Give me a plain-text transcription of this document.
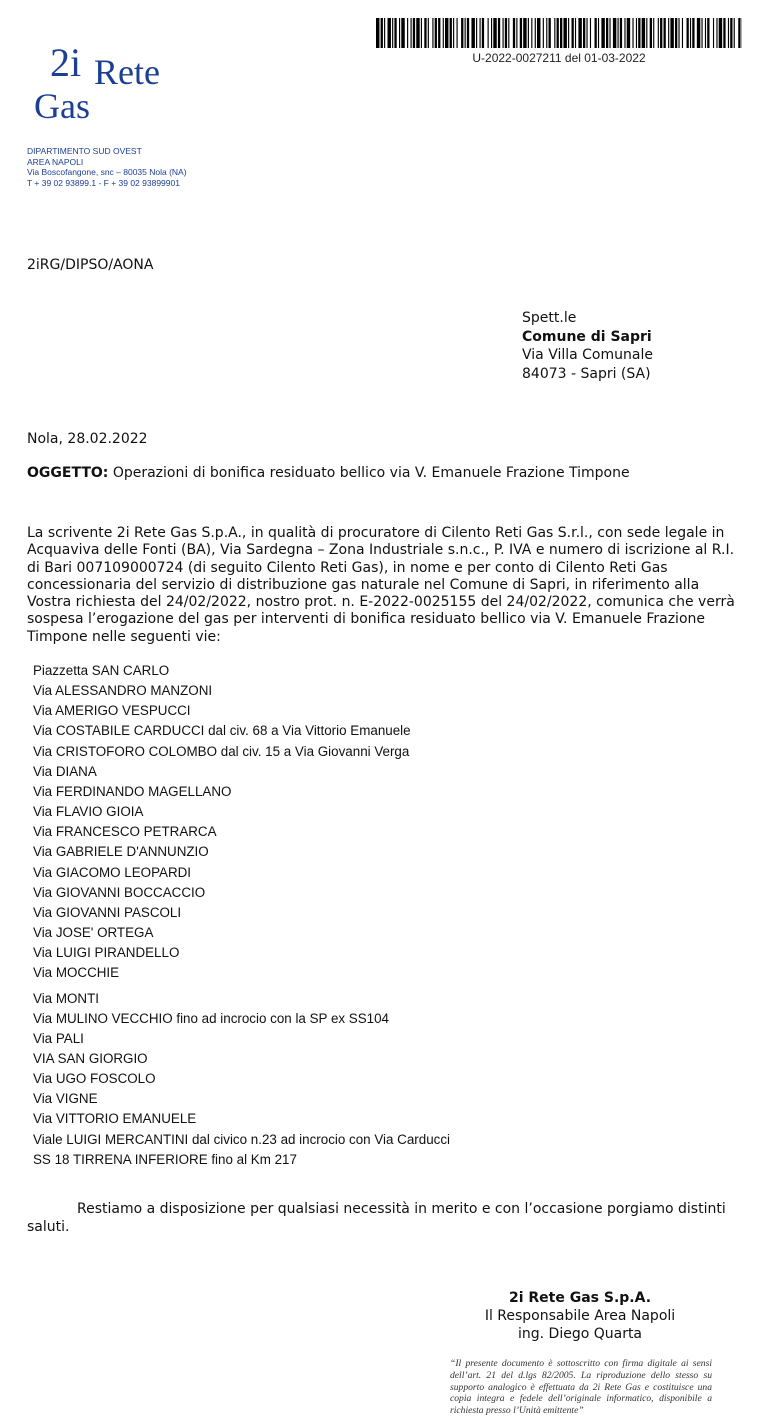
U-2022-0027211 del 01-03-2022
2i Rete
Gas
DIPARTIMENTO SUD OVEST
AREA NAPOLI
Via Boscofangone, snc – 80035 Nola (NA)
T + 39 02 93899.1 - F + 39 02 93899901
2iRG/DIPSO/AONA
Spett.le
Comune di Sapri
Via Villa Comunale
84073 - Sapri (SA)
Nola, 28.02.2022
OGGETTO: Operazioni di bonifica residuato bellico via V. Emanuele Frazione Timpone
La scrivente 2i Rete Gas S.p.A., in qualità di procuratore di Cilento Reti Gas S.r.l., con sede legale in Acquaviva delle Fonti (BA), Via Sardegna – Zona Industriale s.n.c., P. IVA e numero di iscrizione al R.I. di Bari 007109000724 (di seguito Cilento Reti Gas), in nome e per conto di Cilento Reti Gas concessionaria del servizio di distribuzione gas naturale nel Comune di Sapri, in riferimento alla Vostra richiesta del 24/02/2022, nostro prot. n. E-2022-0025155 del 24/02/2022, comunica che verrà sospesa l’erogazione del gas per interventi di bonifica residuato bellico via V. Emanuele Frazione Timpone nelle seguenti vie:
Piazzetta SAN CARLO
Via ALESSANDRO MANZONI
Via AMERIGO VESPUCCI
Via COSTABILE CARDUCCI dal civ. 68 a Via Vittorio Emanuele
Via CRISTOFORO COLOMBO dal civ. 15 a Via Giovanni Verga
Via DIANA
Via FERDINANDO MAGELLANO
Via FLAVIO GIOIA
Via FRANCESCO PETRARCA
Via GABRIELE D'ANNUNZIO
Via GIACOMO LEOPARDI
Via GIOVANNI BOCCACCIO
Via GIOVANNI PASCOLI
Via JOSE' ORTEGA
Via LUIGI PIRANDELLO
Via MOCCHIE
Via MONTI
Via MULINO VECCHIO fino ad incrocio con la SP ex SS104
Via PALI
VIA SAN GIORGIO
Via UGO FOSCOLO
Via VIGNE
Via VITTORIO EMANUELE
Viale LUIGI MERCANTINI dal civico n.23 ad incrocio con Via Carducci
SS 18 TIRRENA INFERIORE fino al Km 217
Restiamo a disposizione per qualsiasi necessità in merito e con l’occasione porgiamo distinti
saluti.
2i Rete Gas S.p.A.
Il Responsabile Area Napoli
ing. Diego Quarta
“Il presente documento è sottoscritto con firma digitale ai sensi dell’art. 21 del d.lgs 82/2005. La riproduzione dello stesso su supporto analogico è effettuata da 2i Rete Gas e costituisce una copia integra e fedele dell’originale informatico, disponibile a richiesta presso l’Unità emittente”
